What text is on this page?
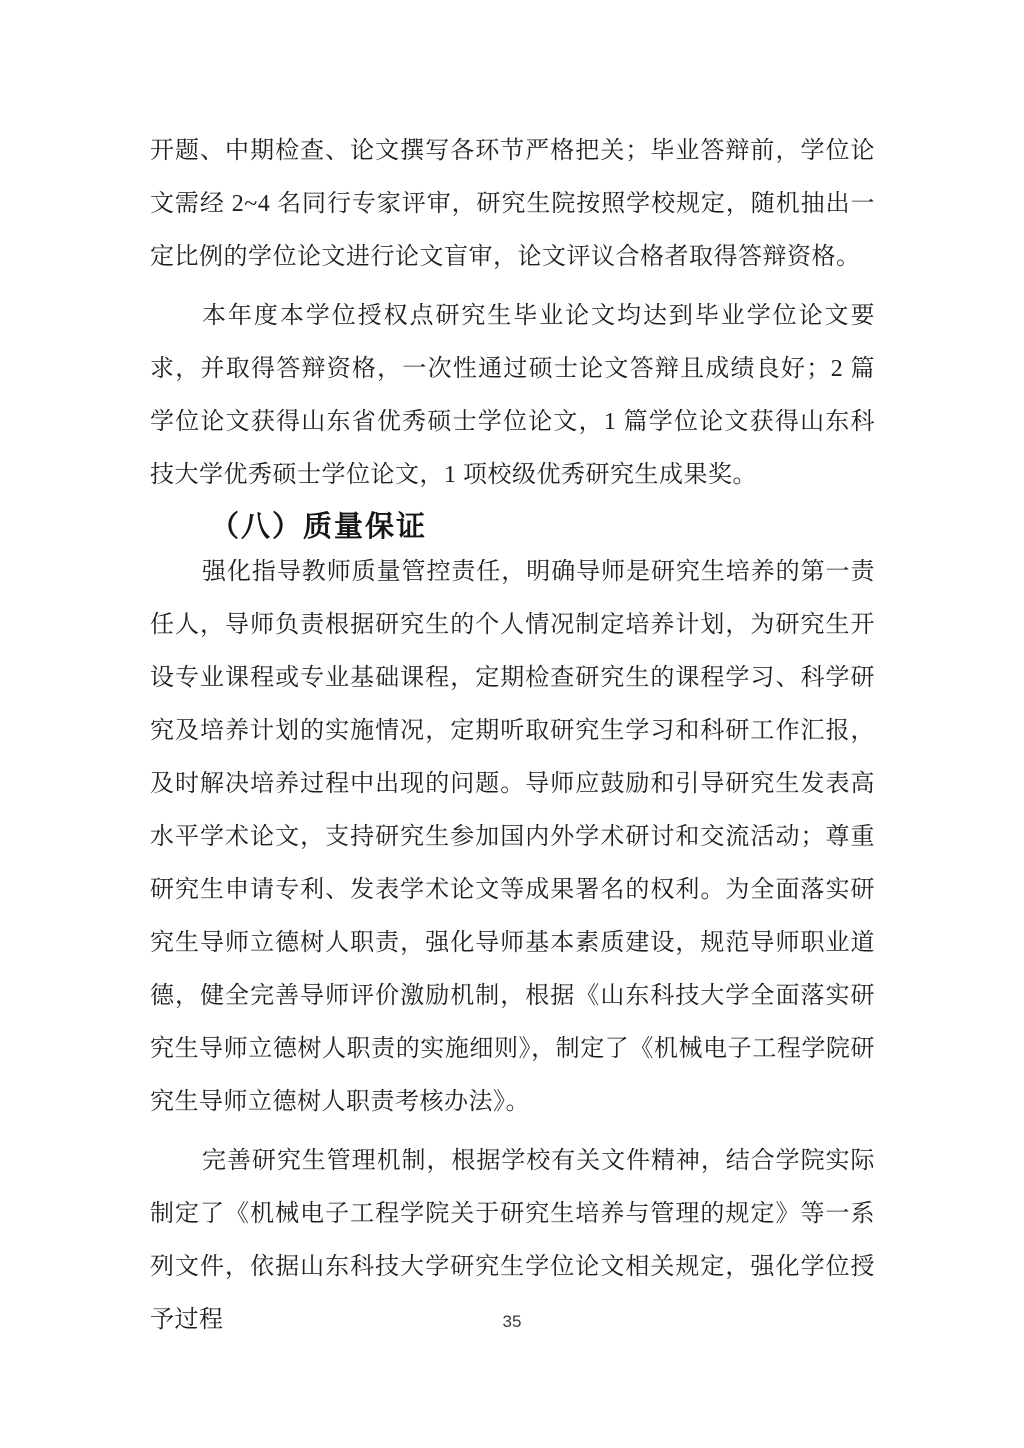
开题、中期检查、论文撰写各环节严格把关；毕业答辩前，学位论文需经 2~4 名同行专家评审，研究生院按照学校规定，随机抽出一定比例的学位论文进行论文盲审，论文评议合格者取得答辩资格。

本年度本学位授权点研究生毕业论文均达到毕业学位论文要求，并取得答辩资格，一次性通过硕士论文答辩且成绩良好；2 篇学位论文获得山东省优秀硕士学位论文，1 篇学位论文获得山东科技大学优秀硕士学位论文，1 项校级优秀研究生成果奖。

（八）质量保证

强化指导教师质量管控责任，明确导师是研究生培养的第一责任人，导师负责根据研究生的个人情况制定培养计划，为研究生开设专业课程或专业基础课程，定期检查研究生的课程学习、科学研究及培养计划的实施情况，定期听取研究生学习和科研工作汇报，及时解决培养过程中出现的问题。导师应鼓励和引导研究生发表高水平学术论文，支持研究生参加国内外学术研讨和交流活动；尊重研究生申请专利、发表学术论文等成果署名的权利。为全面落实研究生导师立德树人职责，强化导师基本素质建设，规范导师职业道德，健全完善导师评价激励机制，根据《山东科技大学全面落实研究生导师立德树人职责的实施细则》，制定了《机械电子工程学院研究生导师立德树人职责考核办法》。

完善研究生管理机制，根据学校有关文件精神，结合学院实际制定了《机械电子工程学院关于研究生培养与管理的规定》等一系列文件，依据山东科技大学研究生学位论文相关规定，强化学位授予过程	35
